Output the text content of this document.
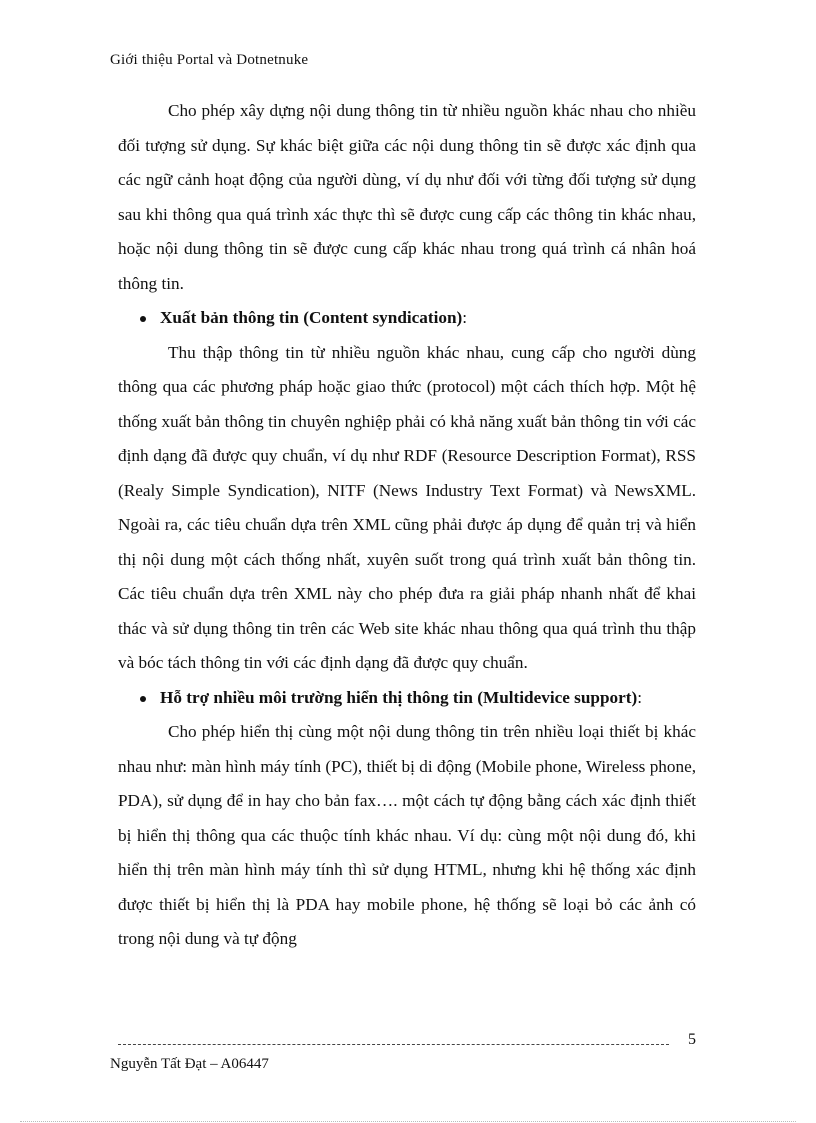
Giới thiệu Portal và Dotnetnuke

Cho phép xây dựng nội dung thông tin từ nhiều nguồn khác nhau cho nhiều đối tượng sử dụng. Sự khác biệt giữa các nội dung thông tin sẽ được xác định qua các ngữ cảnh hoạt động của người dùng, ví dụ như đối với từng đối tượng sử dụng sau khi thông qua quá trình xác thực thì sẽ được cung cấp các thông tin khác nhau, hoặc nội dung thông tin sẽ được cung cấp khác nhau trong quá trình cá nhân hoá thông tin.

Xuất bản thông tin (Content syndication):

Thu thập thông tin từ nhiều nguồn khác nhau, cung cấp cho người dùng thông qua các phương pháp hoặc giao thức (protocol) một cách thích hợp. Một hệ thống xuất bản thông tin chuyên nghiệp phải có khả năng xuất bản thông tin với các định dạng đã được quy chuẩn, ví dụ như RDF (Resource Description Format), RSS (Realy Simple Syndication), NITF (News Industry Text Format) và NewsXML. Ngoài ra, các tiêu chuẩn dựa trên XML cũng phải được áp dụng để quản trị và hiển thị nội dung một cách thống nhất, xuyên suốt trong quá trình xuất bản thông tin. Các tiêu chuẩn dựa trên XML này cho phép đưa ra giải pháp nhanh nhất để khai thác và sử dụng thông tin trên các Web site khác nhau thông qua quá trình thu thập và bóc tách thông tin với các định dạng đã được quy chuẩn.

Hỗ trợ nhiều môi trường hiển thị thông tin (Multidevice support):

Cho phép hiển thị cùng một nội dung thông tin trên nhiều loại thiết bị khác nhau như: màn hình máy tính (PC), thiết bị di động (Mobile phone, Wireless phone, PDA), sử dụng để in hay cho bản fax…. một cách tự động bằng cách xác định thiết bị hiển thị thông qua các thuộc tính khác nhau. Ví dụ: cùng một nội dung đó, khi hiển thị trên màn hình máy tính thì sử dụng HTML, nhưng khi hệ thống xác định được thiết bị hiển thị là PDA hay mobile phone, hệ thống sẽ loại bỏ các ảnh có trong nội dung và tự động

5
Nguyễn Tất Đạt – A06447
